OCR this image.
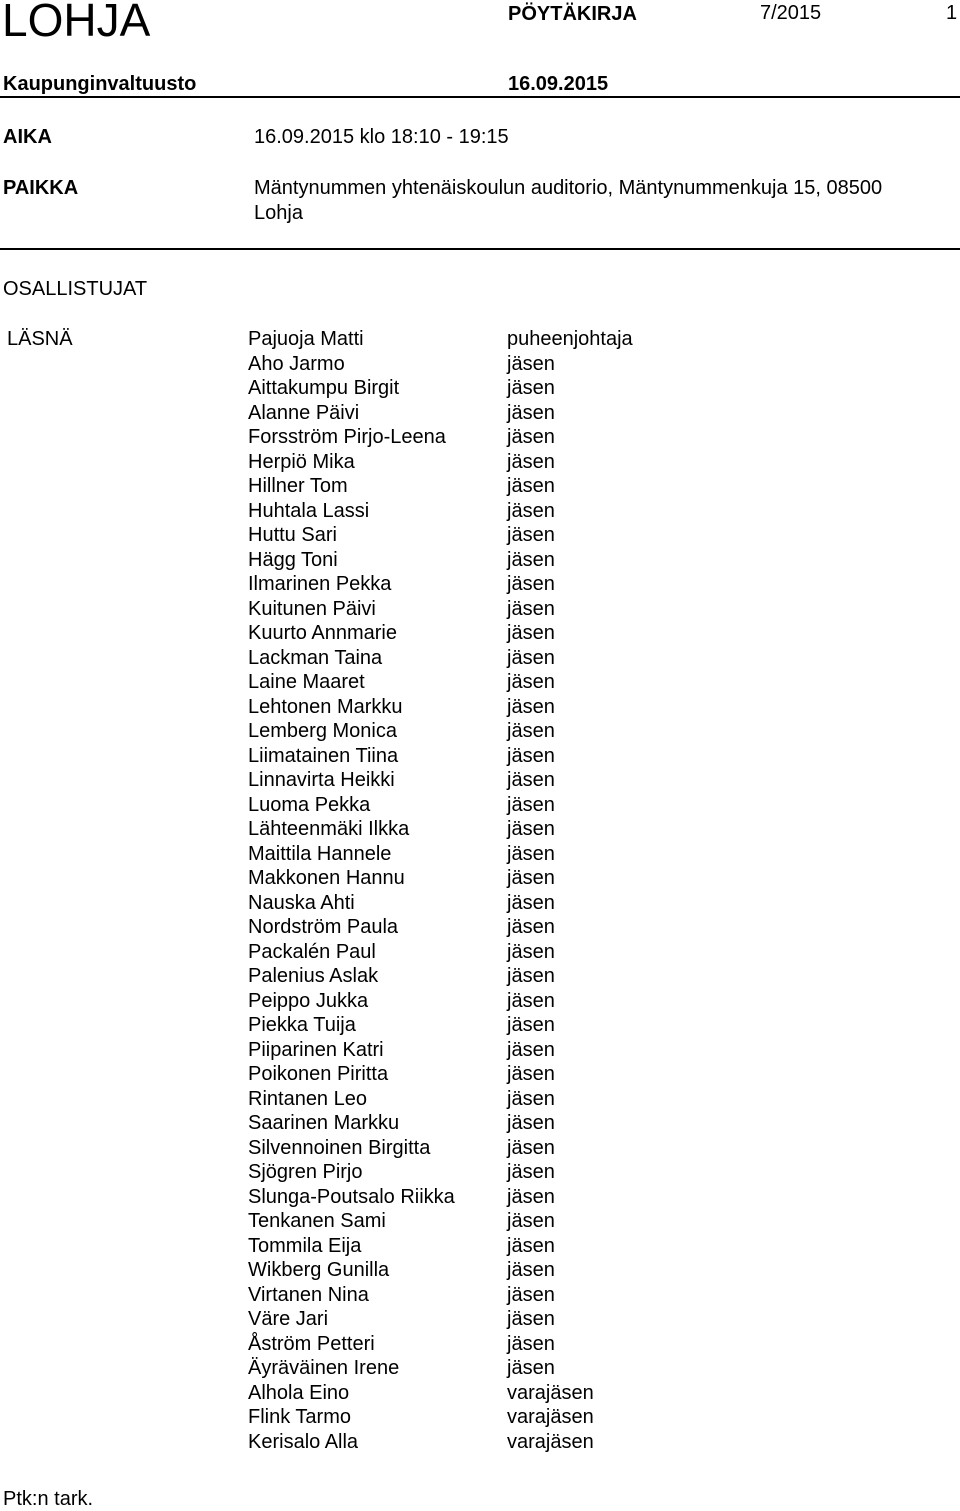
LOHJA	PÖYTÄKIRJA	7/2015	1
Kaupunginvaltuusto	16.09.2015
AIKA	16.09.2015 klo 18:10 - 19:15
PAIKKA	Mäntynummen yhtenäiskoulun auditorio, Mäntynummenkuja 15, 08500
Lohja
OSALLISTUJAT
LÄSNÄ	Pajuoja Matti	puheenjohtaja
Aho Jarmo	jäsen
Aittakumpu Birgit	jäsen
Alanne Päivi	jäsen
Forsström Pirjo-Leena	jäsen
Herpiö Mika	jäsen
Hillner Tom	jäsen
Huhtala Lassi	jäsen
Huttu Sari	jäsen
Hägg Toni	jäsen
Ilmarinen Pekka	jäsen
Kuitunen Päivi	jäsen
Kuurto Annmarie	jäsen
Lackman Taina	jäsen
Laine Maaret	jäsen
Lehtonen Markku	jäsen
Lemberg Monica	jäsen
Liimatainen Tiina	jäsen
Linnavirta Heikki	jäsen
Luoma Pekka	jäsen
Lähteenmäki Ilkka	jäsen
Maittila Hannele	jäsen
Makkonen Hannu	jäsen
Nauska Ahti	jäsen
Nordström Paula	jäsen
Packalén Paul	jäsen
Palenius Aslak	jäsen
Peippo Jukka	jäsen
Piekka Tuija	jäsen
Piiparinen Katri	jäsen
Poikonen Piritta	jäsen
Rintanen Leo	jäsen
Saarinen Markku	jäsen
Silvennoinen Birgitta	jäsen
Sjögren Pirjo	jäsen
Slunga-Poutsalo Riikka	jäsen
Tenkanen Sami	jäsen
Tommila Eija	jäsen
Wikberg Gunilla	jäsen
Virtanen Nina	jäsen
Väre Jari	jäsen
Åström Petteri	jäsen
Äyräväinen Irene	jäsen
Alhola Eino	varajäsen
Flink Tarmo	varajäsen
Kerisalo Alla	varajäsen
Ptk:n tark.
